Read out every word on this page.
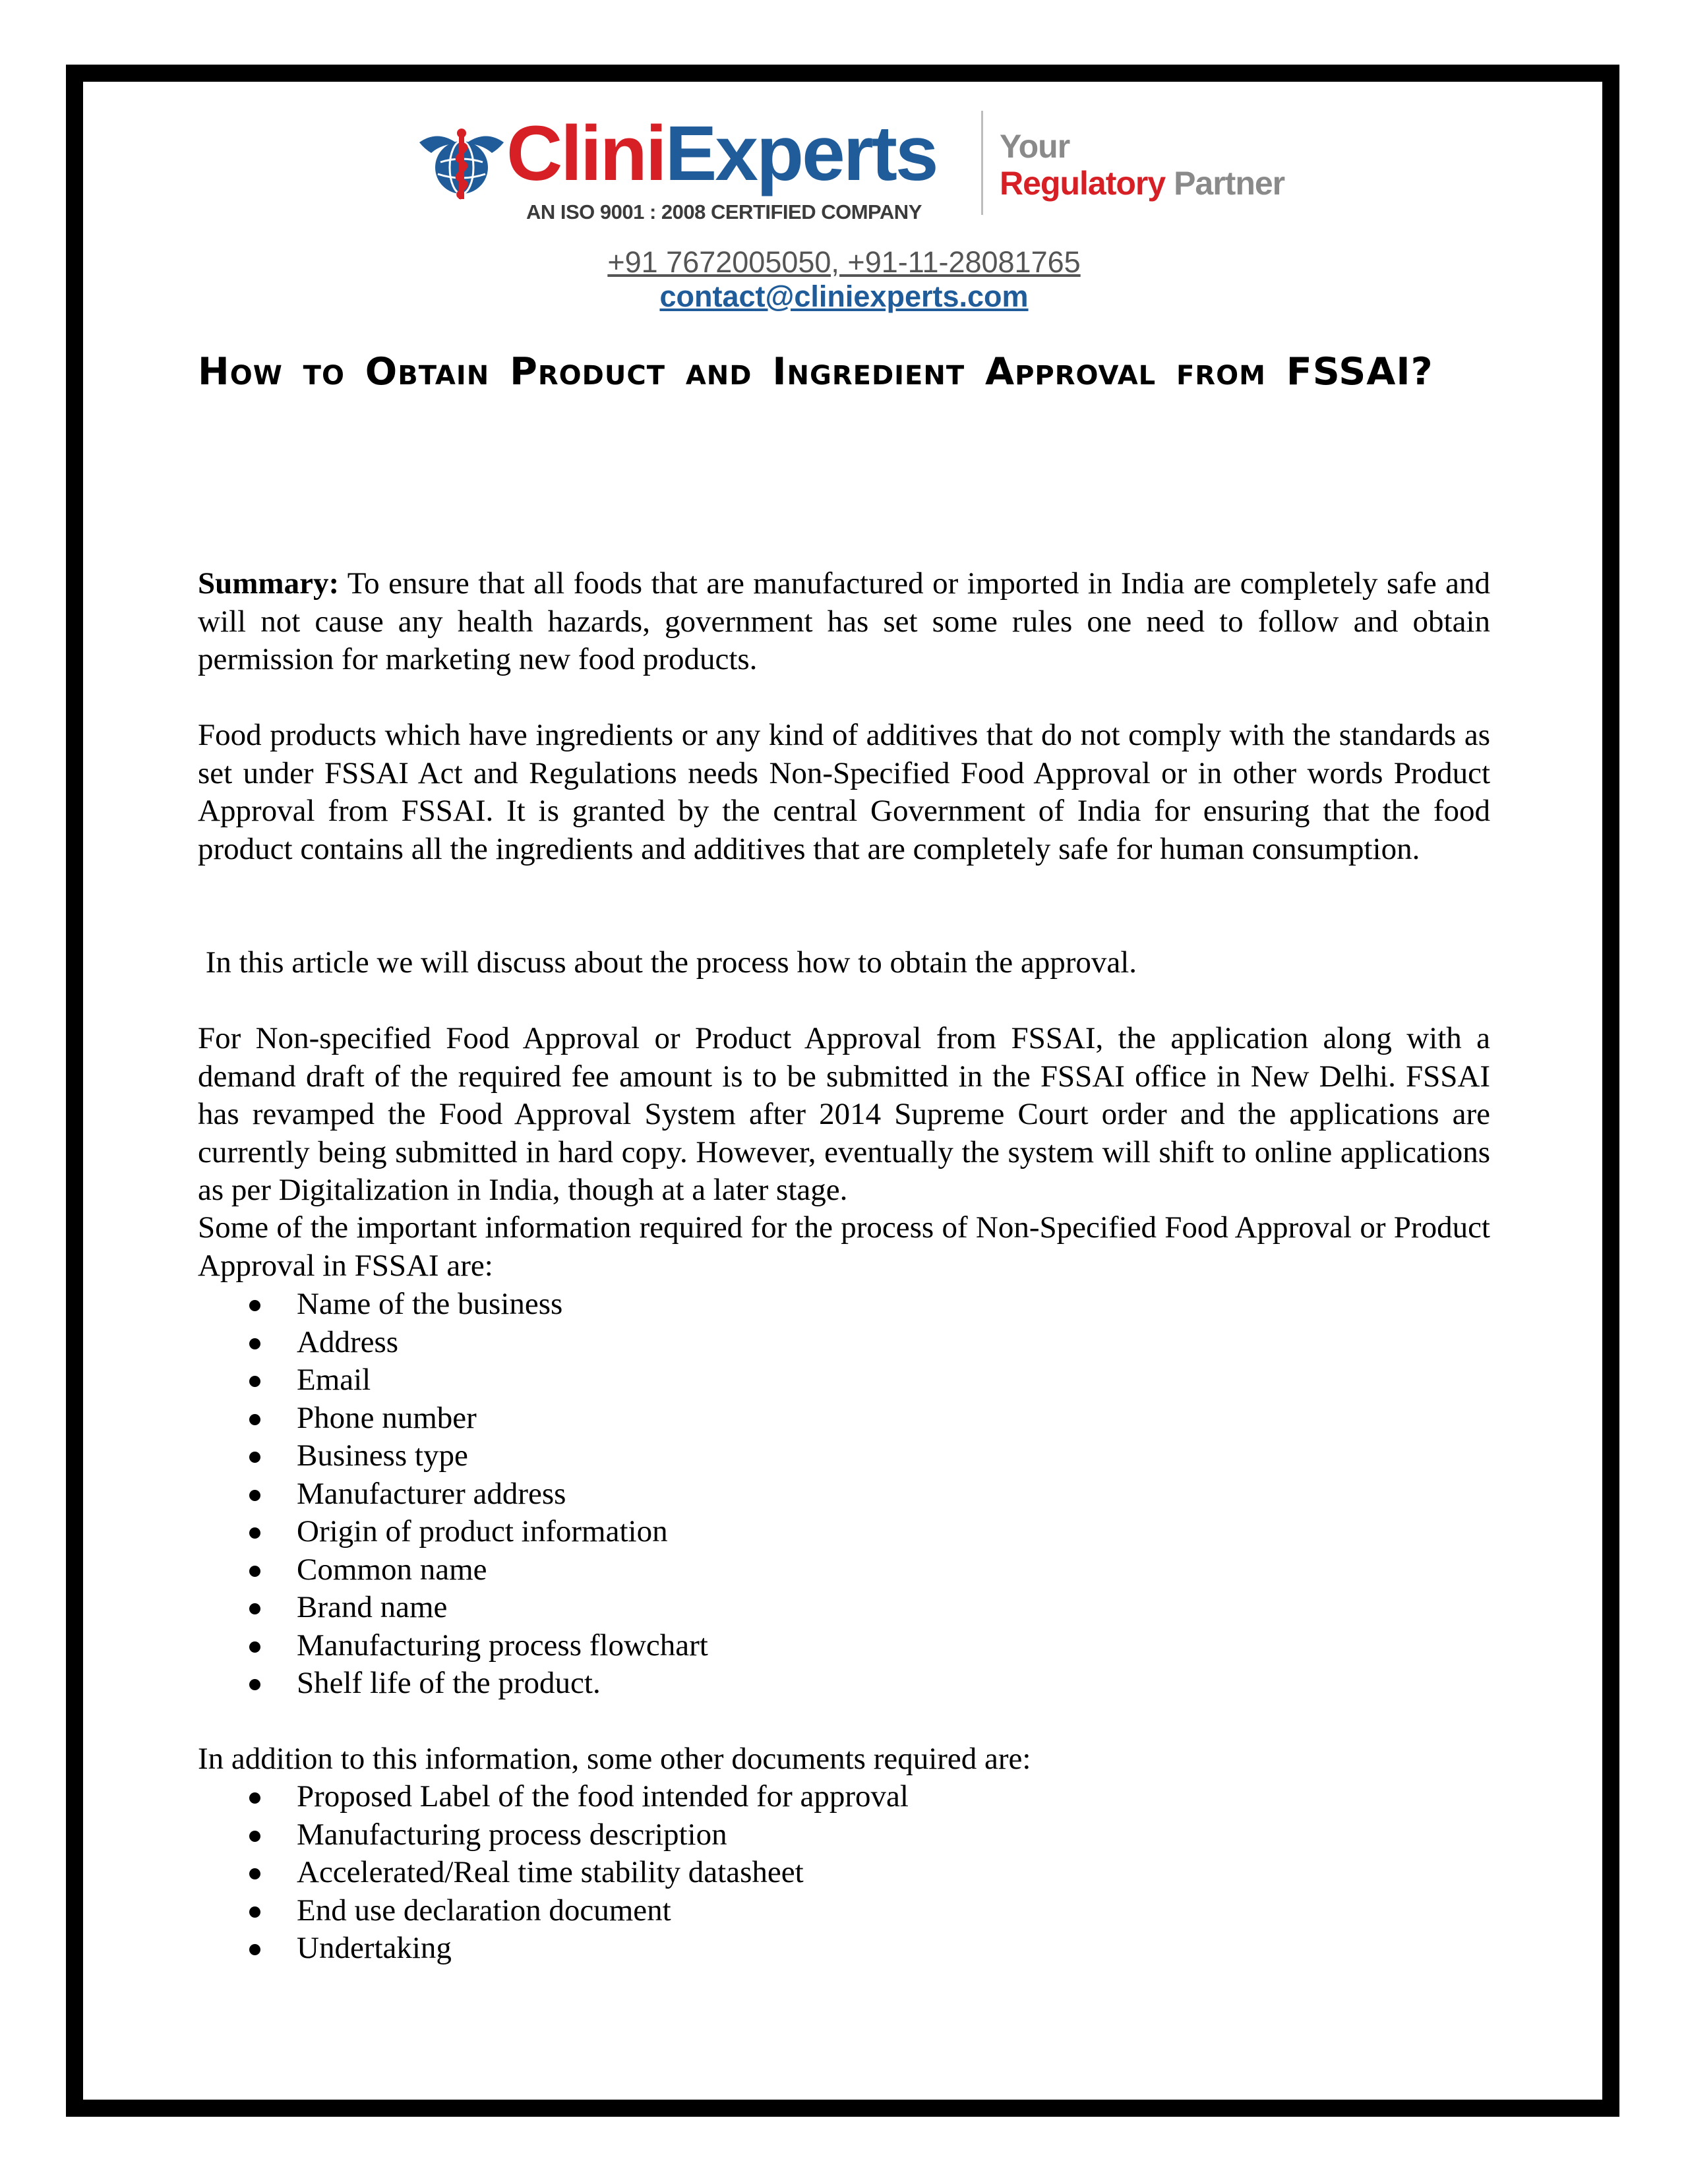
CliniExperts
AN ISO 9001 : 2008 CERTIFIED COMPANY
Your
Regulatory Partner
+91 7672005050, +91-11-28081765
contact@cliniexperts.com
How to Obtain Product and Ingredient Approval from FSSAI?

Summary: To ensure that all foods that are manufactured or imported in India are completely safe and will not cause any health hazards, government has set some rules one need to follow and obtain permission for marketing new food products.

Food products which have ingredients or any kind of additives that do not comply with the standards as set under FSSAI Act and Regulations needs Non-Specified Food Approval or in other words Product Approval from FSSAI. It is granted by the central Government of India for ensuring that the food product contains all the ingredients and additives that are completely safe for human consumption.

In this article we will discuss about the process how to obtain the approval.

For Non-specified Food Approval or Product Approval from FSSAI, the application along with a demand draft of the required fee amount is to be submitted in the FSSAI office in New Delhi. FSSAI has revamped the Food Approval System after 2014 Supreme Court order and the applications are currently being submitted in hard copy. However, eventually the system will shift to online applications as per Digitalization in India, though at a later stage.

Some of the important information required for the process of Non-Specified Food Approval or Product Approval in FSSAI are:

Name of the business
Address
Email
Phone number
Business type
Manufacturer address
Origin of product information
Common name
Brand name
Manufacturing process flowchart
Shelf life of the product.

In addition to this information, some other documents required are:

Proposed Label of the food intended for approval
Manufacturing process description
Accelerated/Real time stability datasheet
End use declaration document
Undertaking
